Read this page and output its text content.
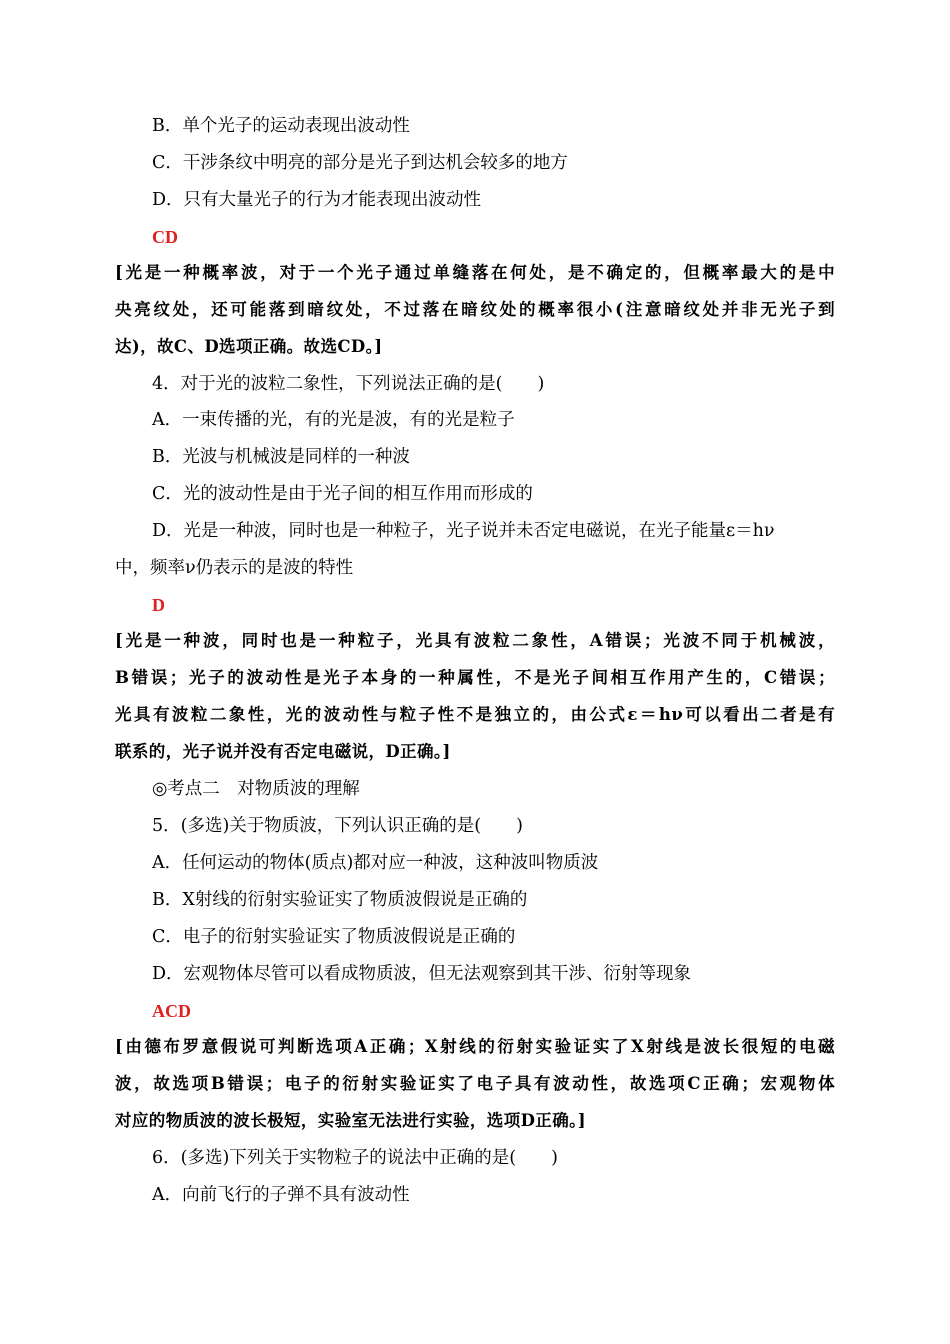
B．单个光子的运动表现出波动性
C．干涉条纹中明亮的部分是光子到达机会较多的地方
D．只有大量光子的行为才能表现出波动性
CD
[光是一种概率波，对于一个光子通过单缝落在何处，是不确定的，但概率最大的是中
央亮纹处，还可能落到暗纹处，不过落在暗纹处的概率很小(注意暗纹处并非无光子到
达)，故C、D选项正确。故选CD。]
4．对于光的波粒二象性，下列说法正确的是(　　)
A．一束传播的光，有的光是波，有的光是粒子
B．光波与机械波是同样的一种波
C．光的波动性是由于光子间的相互作用而形成的
D．光是一种波，同时也是一种粒子，光子说并未否定电磁说，在光子能量ε＝hν
中，频率ν仍表示的是波的特性
D
[光是一种波，同时也是一种粒子，光具有波粒二象性，A错误；光波不同于机械波，
B错误；光子的波动性是光子本身的一种属性，不是光子间相互作用产生的，C错误；
光具有波粒二象性，光的波动性与粒子性不是独立的，由公式ε＝hν可以看出二者是有
联系的，光子说并没有否定电磁说，D正确。]
◎考点二　对物质波的理解
5．(多选)关于物质波，下列认识正确的是(　　)
A．任何运动的物体(质点)都对应一种波，这种波叫物质波
B．X射线的衍射实验证实了物质波假说是正确的
C．电子的衍射实验证实了物质波假说是正确的
D．宏观物体尽管可以看成物质波，但无法观察到其干涉、衍射等现象
ACD
[由德布罗意假说可判断选项A正确；X射线的衍射实验证实了X射线是波长很短的电磁
波，故选项B错误；电子的衍射实验证实了电子具有波动性，故选项C正确；宏观物体
对应的物质波的波长极短，实验室无法进行实验，选项D正确。]
6．(多选)下列关于实物粒子的说法中正确的是(　　)
A．向前飞行的子弹不具有波动性
